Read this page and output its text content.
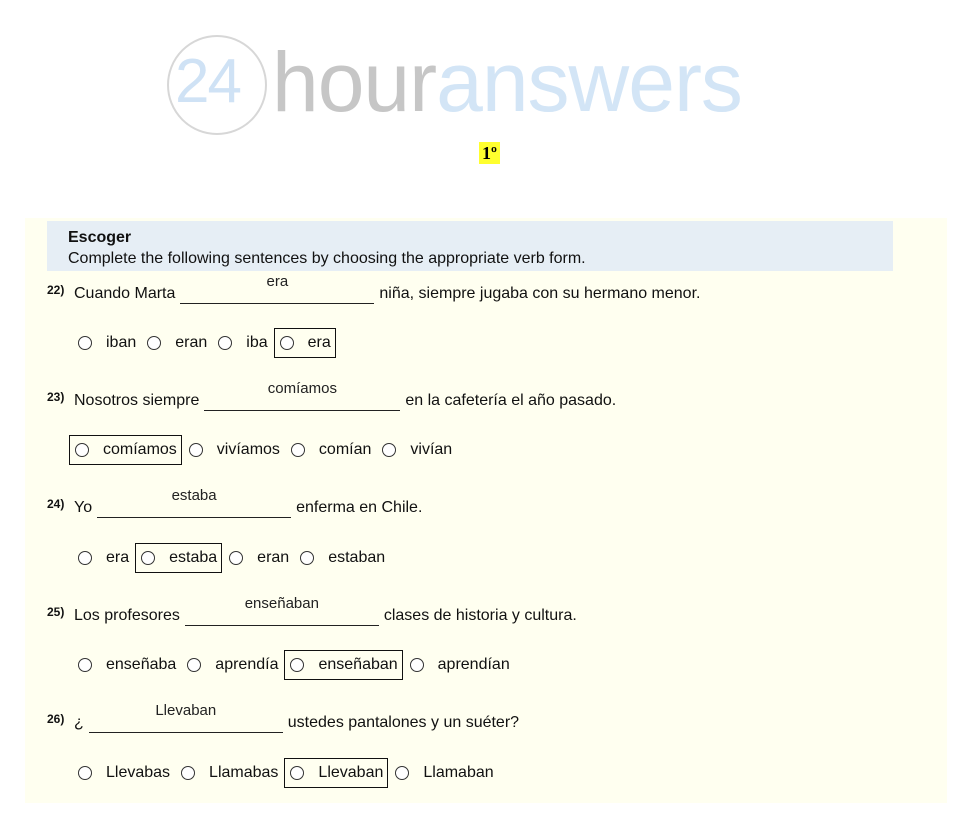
24 houranswers
1º
Escoger
Complete the following sentences by choosing the appropriate verb form.
22) Cuando Marta
era
niña, siempre jugaba con su hermano menor.
iban eran iba	era
23) Nosotros siempre
comíamos
en la cafetería el año pasado.
comíamos	vivíamos comían vivían
24) Yo
estaba
enferma en Chile.
era	estaba	eran estaban
25) Los profesores
enseñaban
clases de historia y cultura.
enseñaba aprendía	enseñaban	aprendían
26) ¿
Llevaban
ustedes pantalones y un suéter?
Llevabas Llamabas	Llevaban	Llamaban
